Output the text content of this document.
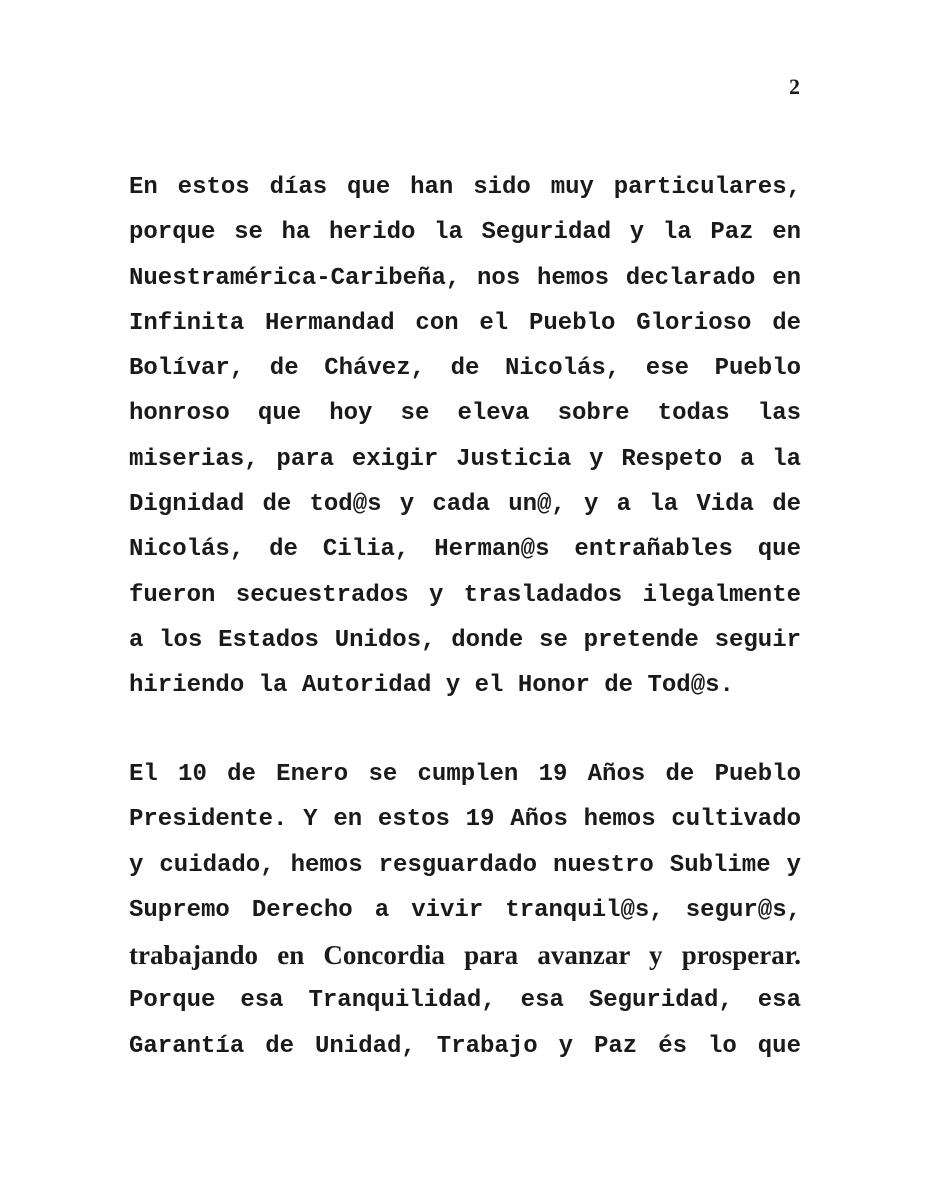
2
En estos días que han sido muy particulares,
porque se ha herido la Seguridad y la Paz en
Nuestramérica-Caribeña, nos hemos declarado en
Infinita Hermandad con el Pueblo Glorioso de
Bolívar, de Chávez, de Nicolás, ese Pueblo
honroso que hoy se eleva sobre todas las
miserias, para exigir Justicia y Respeto a la
Dignidad de tod@s y cada un@, y a la Vida de
Nicolás, de Cilia, Herman@s entrañables que
fueron secuestrados y trasladados ilegalmente
a los Estados Unidos, donde se pretende seguir
hiriendo la Autoridad y el Honor de Tod@s.
El 10 de Enero se cumplen 19 Años de Pueblo
Presidente. Y en estos 19 Años hemos cultivado
y cuidado, hemos resguardado nuestro Sublime y
Supremo Derecho a vivir tranquil@s, segur@s,
trabajando en Concordia para avanzar y prosperar.
Porque esa Tranquilidad, esa Seguridad, esa
Garantía de Unidad, Trabajo y Paz és lo que
